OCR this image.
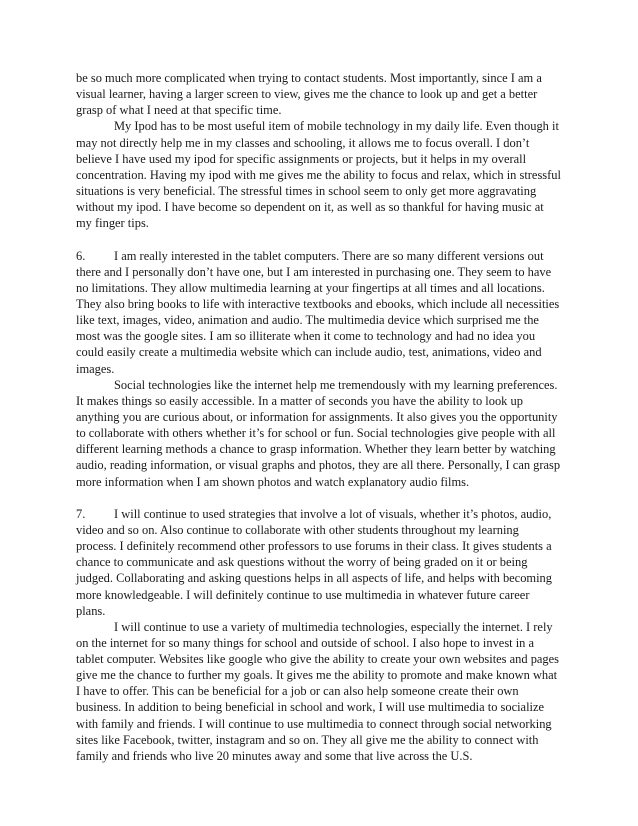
be so much more complicated when trying to contact students. Most importantly, since I am a
visual learner, having a larger screen to view, gives me the chance to look up and get a better
grasp of what I need at that specific time.
My Ipod has to be most useful item of mobile technology in my daily life. Even though it
may not directly help me in my classes and schooling, it allows me to focus overall. I don’t
believe I have used my ipod for specific assignments or projects, but it helps in my overall
concentration. Having my ipod with me gives me the ability to focus and relax, which in stressful
situations is very beneficial. The stressful times in school seem to only get more aggravating
without my ipod. I have become so dependent on it, as well as so thankful for having music at
my finger tips.
6. I am really interested in the tablet computers. There are so many different versions out
there and I personally don’t have one, but I am interested in purchasing one. They seem to have
no limitations. They allow multimedia learning at your fingertips at all times and all locations.
They also bring books to life with interactive textbooks and ebooks, which include all necessities
like text, images, video, animation and audio. The multimedia device which surprised me the
most was the google sites. I am so illiterate when it come to technology and had no idea you
could easily create a multimedia website which can include audio, test, animations, video and
images.
Social technologies like the internet help me tremendously with my learning preferences.
It makes things so easily accessible. In a matter of seconds you have the ability to look up
anything you are curious about, or information for assignments. It also gives you the opportunity
to collaborate with others whether it’s for school or fun. Social technologies give people with all
different learning methods a chance to grasp information. Whether they learn better by watching
audio, reading information, or visual graphs and photos, they are all there. Personally, I can grasp
more information when I am shown photos and watch explanatory audio films.
7. I will continue to used strategies that involve a lot of visuals, whether it’s photos, audio,
video and so on. Also continue to collaborate with other students throughout my learning
process. I definitely recommend other professors to use forums in their class. It gives students a
chance to communicate and ask questions without the worry of being graded on it or being
judged. Collaborating and asking questions helps in all aspects of life, and helps with becoming
more knowledgeable. I will definitely continue to use multimedia in whatever future career
plans.
I will continue to use a variety of multimedia technologies, especially the internet. I rely
on the internet for so many things for school and outside of school. I also hope to invest in a
tablet computer. Websites like google who give the ability to create your own websites and pages
give me the chance to further my goals. It gives me the ability to promote and make known what
I have to offer. This can be beneficial for a job or can also help someone create their own
business. In addition to being beneficial in school and work, I will use multimedia to socialize
with family and friends. I will continue to use multimedia to connect through social networking
sites like Facebook, twitter, instagram and so on. They all give me the ability to connect with
family and friends who live 20 minutes away and some that live across the U.S.
